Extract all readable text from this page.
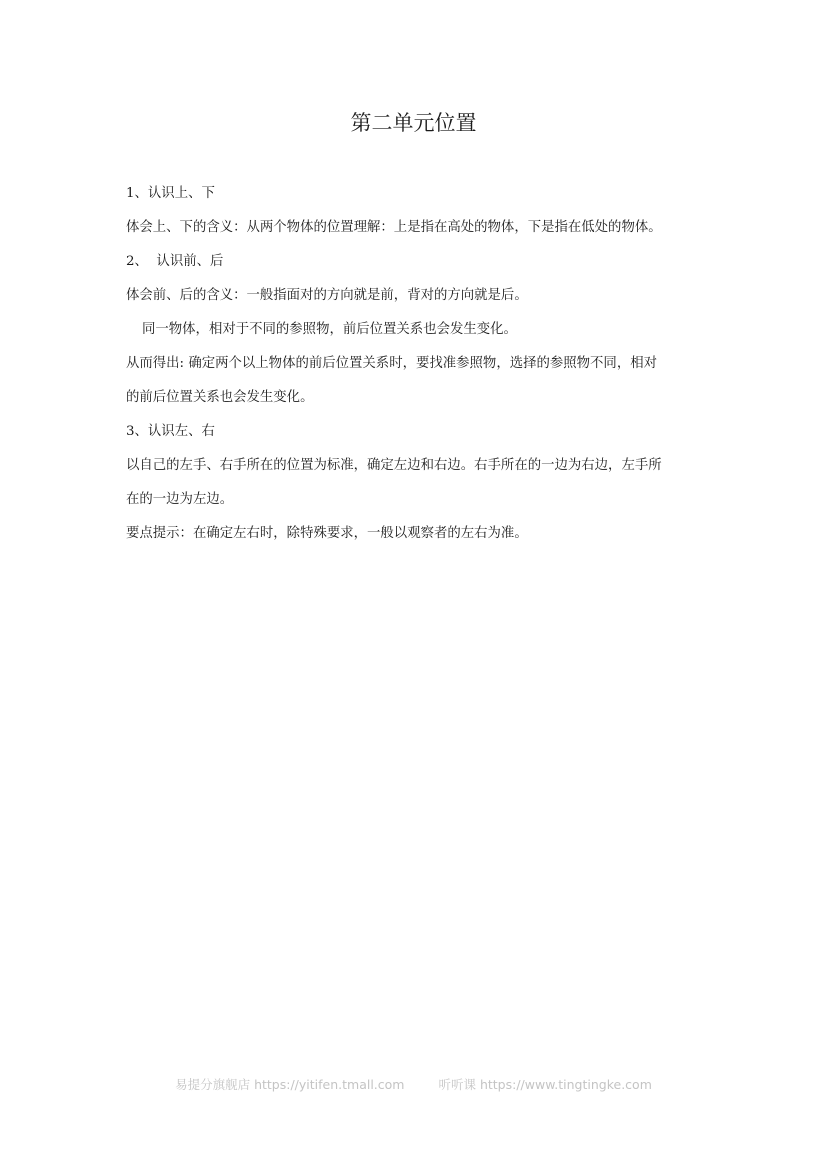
第二单元位置

1、认识上、下

体会上、下的含义：从两个物体的位置理解：上是指在高处的物体，下是指在低处的物体。

2、  认识前、后

体会前、后的含义：一般指面对的方向就是前，背对的方向就是后。

同一物体，相对于不同的参照物，前后位置关系也会发生变化。

从而得出: 确定两个以上物体的前后位置关系时，要找准参照物，选择的参照物不同，相对

的前后位置关系也会发生变化。

3、认识左、右

以自己的左手、右手所在的位置为标准，确定左边和右边。右手所在的一边为右边，左手所

在的一边为左边。

要点提示：在确定左右时，除特殊要求，一般以观察者的左右为准。

易提分旗舰店 https://yitifen.tmall.com	听听课 https://www.tingtingke.com
